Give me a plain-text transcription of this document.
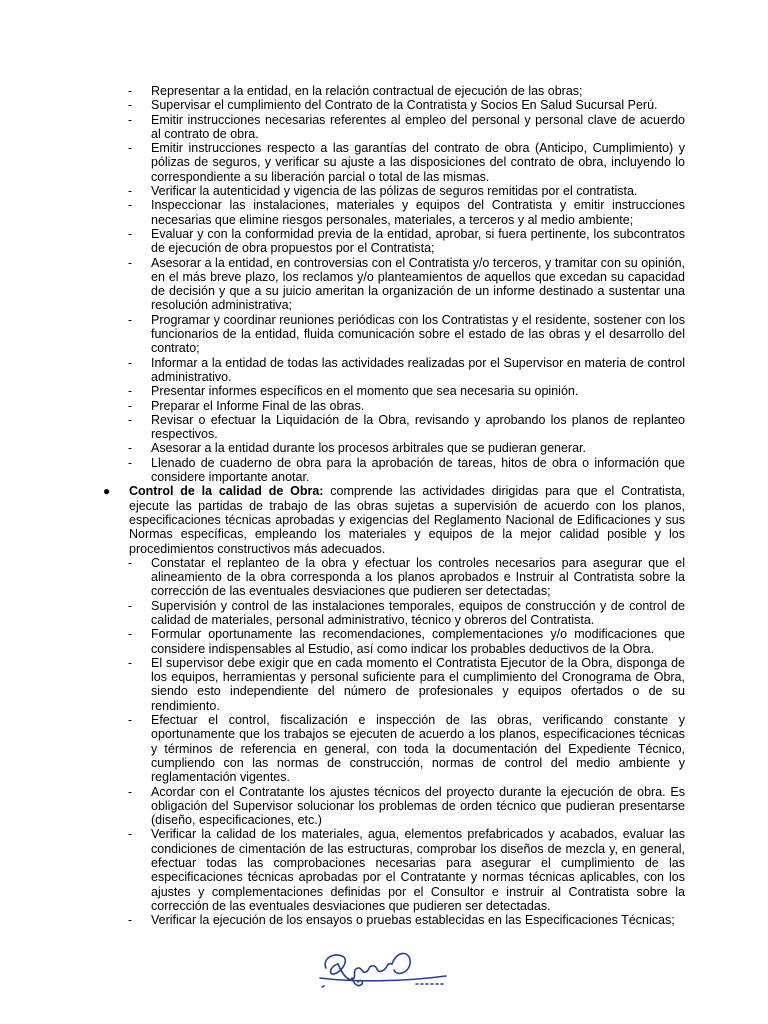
- Representar a la entidad, en la relación contractual de ejecución de las obras;
- Supervisar el cumplimiento del Contrato de la Contratista y Socios En Salud Sucursal Perú.
- Emitir instrucciones necesarias referentes al empleo del personal y personal clave de acuerdo al contrato de obra.
- Emitir instrucciones respecto a las garantías del contrato de obra (Anticipo, Cumplimiento) y pólizas de seguros, y verificar su ajuste a las disposiciones del contrato de obra, incluyendo lo correspondiente a su liberación parcial o total de las mismas.
- Verificar la autenticidad y vigencia de las pólizas de seguros remitidas por el contratista.
- Inspeccionar las instalaciones, materiales y equipos del Contratista y emitir instrucciones necesarias que elimine riesgos personales, materiales, a terceros y al medio ambiente;
- Evaluar y con la conformidad previa de la entidad, aprobar, si fuera pertinente, los subcontratos de ejecución de obra propuestos por el Contratista;
- Asesorar a la entidad, en controversias con el Contratista y/o terceros, y tramitar con su opinión, en el más breve plazo, los reclamos y/o planteamientos de aquellos que excedan su capacidad de decisión y que a su juicio ameritan la organización de un informe destinado a sustentar una resolución administrativa;
- Programar y coordinar reuniones periódicas con los Contratistas y el residente, sostener con los funcionarios de la entidad, fluida comunicación sobre el estado de las obras y el desarrollo del contrato;
- Informar a la entidad de todas las actividades realizadas por el Supervisor en materia de control administrativo.
- Presentar informes específicos en el momento que sea necesaria su opinión.
- Preparar el Informe Final de las obras.
- Revisar o efectuar la Liquidación de la Obra, revisando y aprobando los planos de replanteo respectivos.
- Asesorar a la entidad durante los procesos arbitrales que se pudieran generar.
- Llenado de cuaderno de obra para la aprobación de tareas, hitos de obra o información que considere importante anotar.
● Control de la calidad de Obra: comprende las actividades dirigidas para que el Contratista, ejecute las partidas de trabajo de las obras sujetas a supervisión de acuerdo con los planos, especificaciones técnicas aprobadas y exigencias del Reglamento Nacional de Edificaciones y sus Normas específicas, empleando los materiales y equipos de la mejor calidad posible y los procedimientos constructivos más adecuados.
- Constatar el replanteo de la obra y efectuar los controles necesarios para asegurar que el alineamiento de la obra corresponda a los planos aprobados e Instruir al Contratista sobre la corrección de las eventuales desviaciones que pudieren ser detectadas;
- Supervisión y control de las instalaciones temporales, equipos de construcción y de control de calidad de materiales, personal administrativo, técnico y obreros del Contratista.
- Formular oportunamente las recomendaciones, complementaciones y/o modificaciones que considere indispensables al Estudio, así como indicar los probables deductivos de la Obra.
- El supervisor debe exigir que en cada momento el Contratista Ejecutor de la Obra, disponga de los equipos, herramientas y personal suficiente para el cumplimiento del Cronograma de Obra, siendo esto independiente del número de profesionales y equipos ofertados o de su rendimiento.
- Efectuar el control, fiscalización e inspección de las obras, verificando constante y oportunamente que los trabajos se ejecuten de acuerdo a los planos, especificaciones técnicas y términos de referencia en general, con toda la documentación del Expediente Técnico, cumpliendo con las normas de construcción, normas de control del medio ambiente y reglamentación vigentes.
- Acordar con el Contratante los ajustes técnicos del proyecto durante la ejecución de obra. Es obligación del Supervisor solucionar los problemas de orden técnico que pudieran presentarse (diseño, especificaciones, etc.)
- Verificar la calidad de los materiales, agua, elementos prefabricados y acabados, evaluar las condiciones de cimentación de las estructuras, comprobar los diseños de mezcla y, en general, efectuar todas las comprobaciones necesarias para asegurar el cumplimiento de las especificaciones técnicas aprobadas por el Contratante y normas técnicas aplicables, con los ajustes y complementaciones definidas por el Consultor e instruir al Contratista sobre la corrección de las eventuales desviaciones que pudieren ser detectadas.
- Verificar la ejecución de los ensayos o pruebas establecidas en las Especificaciones Técnicas;
